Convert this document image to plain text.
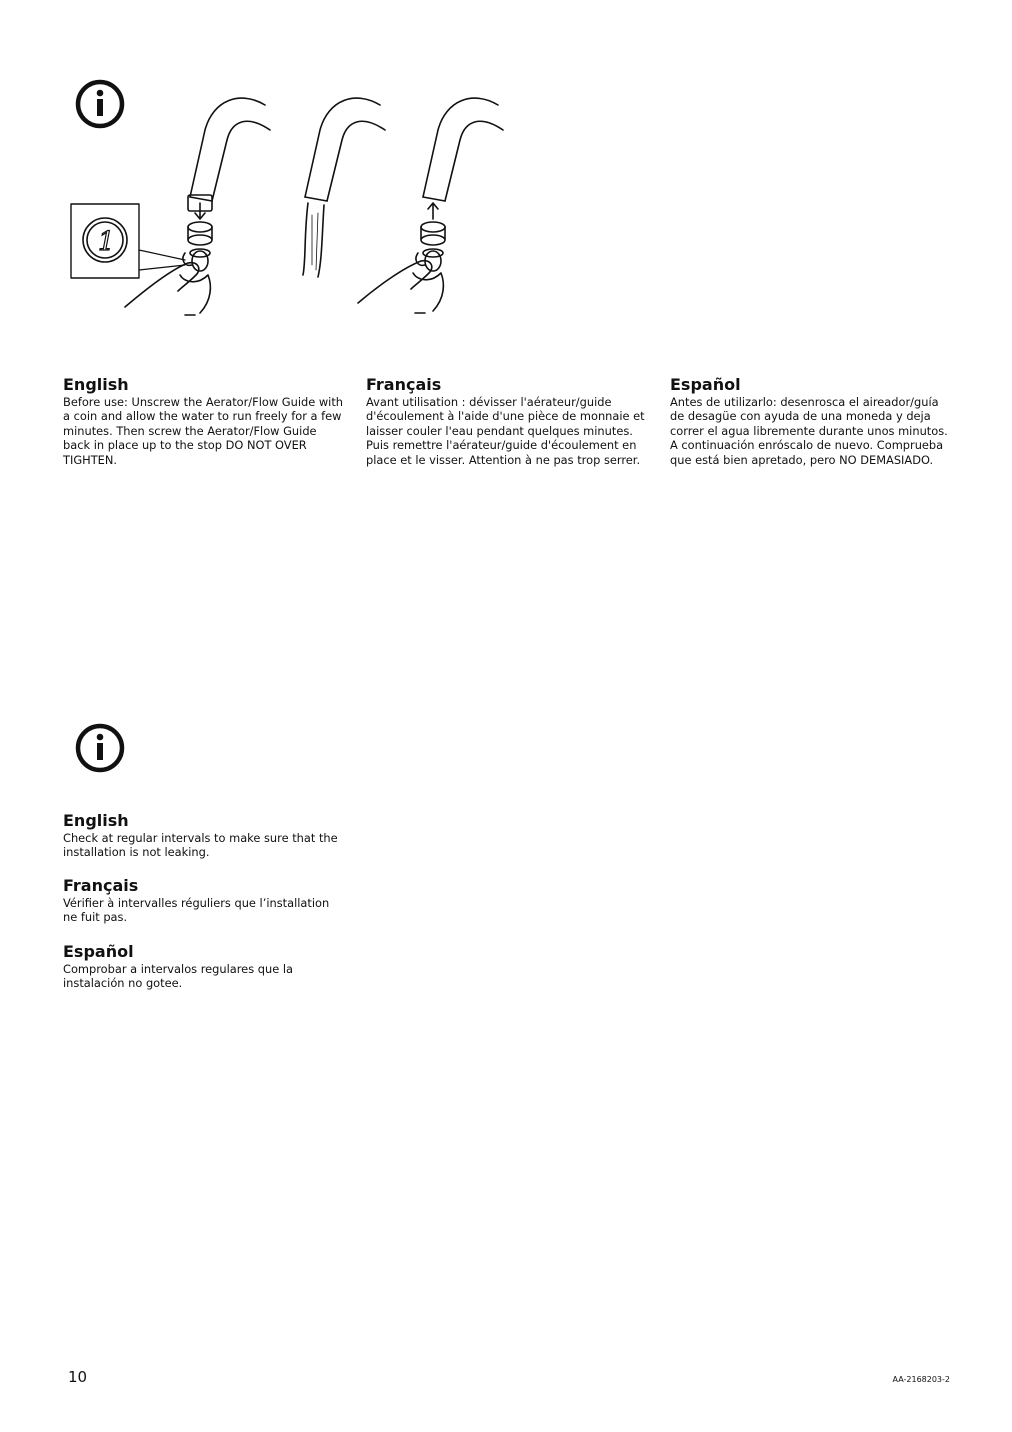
1
English

Before use: Unscrew the Aerator/Flow Guide with a coin and allow the water to run freely for a few minutes. Then screw the Aerator/Flow Guide back in place up to the stop DO NOT OVER TIGHTEN.

Français

Avant utilisation : dévisser l'aérateur/guide d'écoulement à l'aide d'une pièce de monnaie et laisser couler l'eau pendant quelques minutes. Puis remettre l'aérateur/guide d'écoulement en place et le visser. Attention à ne pas trop serrer.

Español

Antes de utilizarlo: desenrosca el aireador/guía de desagüe con ayuda de una moneda y deja correr el agua libremente durante unos minutos. A continuación enróscalo de nuevo. Comprueba que está bien apretado, pero NO DEMASIADO.

English

Check at regular intervals to make sure that the installation is not leaking.

Français

Vérifier à intervalles réguliers que l’installation ne fuit pas.

Español

Comprobar a intervalos regulares que la instalación no gotee.

10	AA-2168203-2
